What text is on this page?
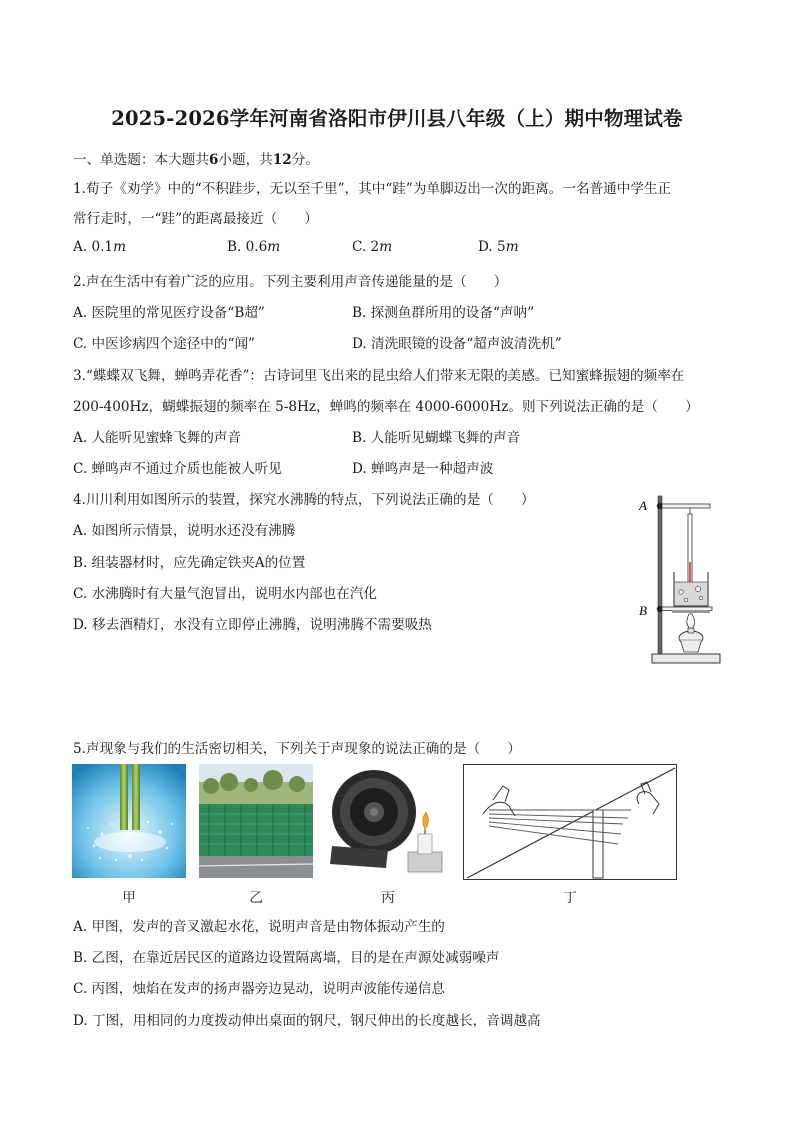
2025-2026学年河南省洛阳市伊川县八年级（上）期中物理试卷
一、单选题：本大题共6小题，共12分。
1.荀子《劝学》中的“不积跬步，无以至千里”，其中“跬”为单脚迈出一次的距离。一名普通中学生正
常行走时，一“跬”的距离最接近（　　）
A. 0.1m	B. 0.6m	C. 2m	D. 5m
2.声在生活中有着广泛的应用。下列主要利用声音传递能量的是（　　）
A. 医院里的常见医疗设备“B超”	B. 探测鱼群所用的设备“声呐”
C. 中医诊病四个途径中的“闻”	D. 清洗眼镜的设备“超声波清洗机”
3.“蝶蝶双飞舞，蝉鸣弄花香”：古诗词里飞出来的昆虫给人们带来无限的美感。已知蜜蜂振翅的频率在
200-400Hz，蝴蝶振翅的频率在 5-8Hz，蝉鸣的频率在 4000-6000Hz。则下列说法正确的是（　　）
A. 人能听见蜜蜂飞舞的声音	B. 人能听见蝴蝶飞舞的声音
C. 蝉鸣声不通过介质也能被人听见	D. 蝉鸣声是一种超声波
4.川川利用如图所示的装置，探究水沸腾的特点，下列说法正确的是（　　）
A. 如图所示情景，说明水还没有沸腾
B. 组装器材时，应先确定铁夹A的位置
C. 水沸腾时有大量气泡冒出，说明水内部也在汽化
D. 移去酒精灯，水没有立即停止沸腾，说明沸腾不需要吸热
A
B
5.声现象与我们的生活密切相关，下列关于声现象的说法正确的是（　　）
甲	乙	丙	丁
A. 甲图，发声的音叉激起水花，说明声音是由物体振动产生的
B. 乙图，在靠近居民区的道路边设置隔离墙，目的是在声源处减弱噪声
C. 丙图，烛焰在发声的扬声器旁边晃动，说明声波能传递信息
D. 丁图，用相同的力度拨动伸出桌面的钢尺，钢尺伸出的长度越长，音调越高
